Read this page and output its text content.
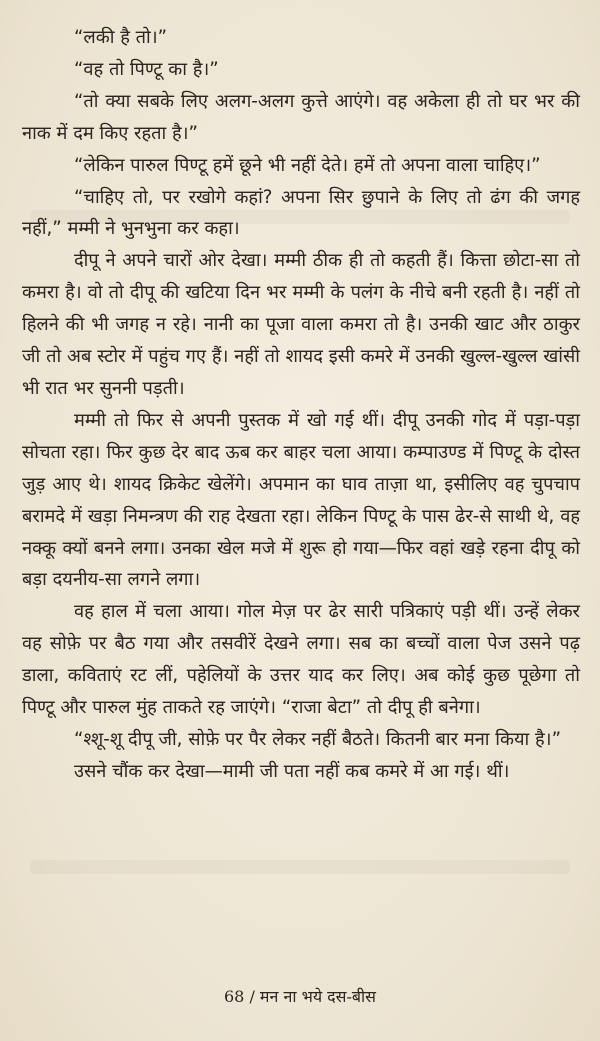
“लकी है तो।”

“वह तो पिण्टू का है।”

“तो क्या सबके लिए अलग-अलग कुत्ते आएंगे। वह अकेला ही तो घर भर की नाक में दम किए रहता है।”

“लेकिन पारुल पिण्टू हमें छूने भी नहीं देते। हमें तो अपना वाला चाहिए।”

“चाहिए तो, पर रखोगे कहां? अपना सिर छुपाने के लिए तो ढंग की जगह नहीं,” मम्मी ने भुनभुना कर कहा।

दीपू ने अपने चारों ओर देखा। मम्मी ठीक ही तो कहती हैं। कित्ता छोटा-सा तो कमरा है। वो तो दीपू की खटिया दिन भर मम्मी के पलंग के नीचे बनी रहती है। नहीं तो हिलने की भी जगह न रहे। नानी का पूजा वाला कमरा तो है। उनकी खाट और ठाकुर जी तो अब स्टोर में पहुंच गए हैं। नहीं तो शायद इसी कमरे में उनकी खुल्ल-खुल्ल खांसी भी रात भर सुननी पड़ती।

मम्मी तो फिर से अपनी पुस्तक में खो गई थीं। दीपू उनकी गोद में पड़ा-पड़ा सोचता रहा। फिर कुछ देर बाद ऊब कर बाहर चला आया। कम्पाउण्ड में पिण्टू के दोस्त जुड़ आए थे। शायद क्रिकेट खेलेंगे। अपमान का घाव ताज़ा था, इसीलिए वह चुपचाप बरामदे में खड़ा निमन्त्रण की राह देखता रहा। लेकिन पिण्टू के पास ढेर-से साथी थे, वह नक्कू क्यों बनने लगा। उनका खेल मजे में शुरू हो गया—फिर वहां खड़े रहना दीपू को बड़ा दयनीय-सा लगने लगा।

वह हाल में चला आया। गोल मेज़ पर ढेर सारी पत्रिकाएं पड़ी थीं। उन्हें लेकर वह सोफ़े पर बैठ गया और तसवीरें देखने लगा। सब का बच्चों वाला पेज उसने पढ़ डाला, कविताएं रट लीं, पहेलियों के उत्तर याद कर लिए। अब कोई कुछ पूछेगा तो पिण्टू और पारुल मुंह ताकते रह जाएंगे। “राजा बेटा” तो दीपू ही बनेगा।

“श्शू-शू दीपू जी, सोफ़े पर पैर लेकर नहीं बैठते। कितनी बार मना किया है।”

उसने चौंक कर देखा—मामी जी पता नहीं कब कमरे में आ गई। थीं।

68 / मन ना भये दस-बीस
